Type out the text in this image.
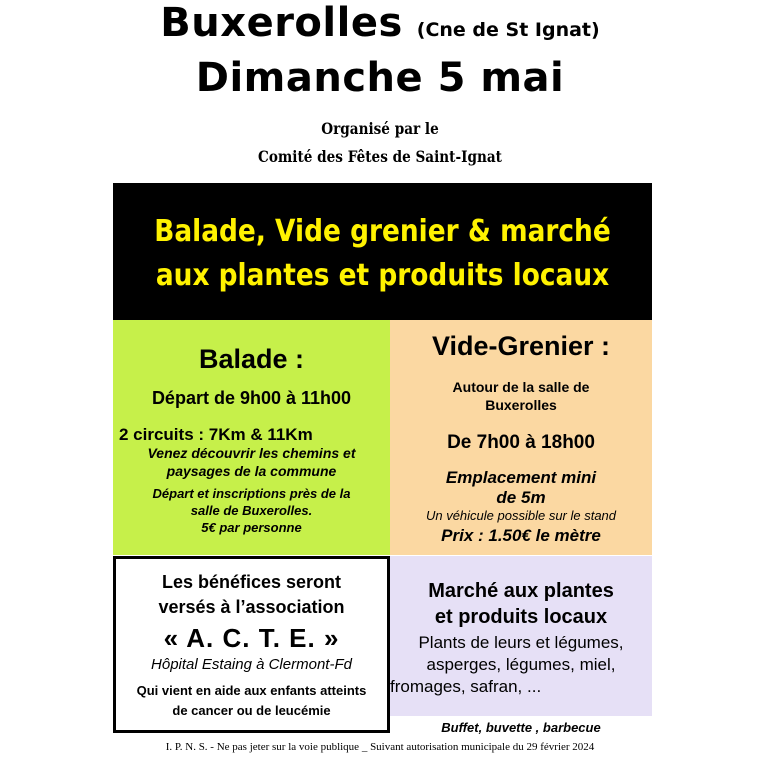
Buxerolles (Cne de St Ignat)
Dimanche 5 mai
Organisé par le
Comité des Fêtes de Saint-Ignat
Balade, Vide grenier & marché
aux plantes et produits locaux
Balade :
Départ de 9h00 à 11h00
2 circuits : 7Km & 11Km
Venez découvrir les chemins et
paysages de la commune
Départ et inscriptions près de la
salle de Buxerolles.
5€ par personne
Vide-Grenier :
Autour de la salle de
Buxerolles
De 7h00 à 18h00
Emplacement mini
de 5m
Un véhicule possible sur le stand
Prix : 1.50€ le mètre
Les bénéfices seront
versés à l’association
« A. C. T. E. »
Hôpital Estaing à Clermont-Fd
Qui vient en aide aux enfants atteints
de cancer ou de leucémie
Marché aux plantes
et produits locaux
Plants de leurs et légumes,
asperges, légumes, miel,
fromages, safran, ...
Buffet, buvette , barbecue
I. P. N. S. - Ne pas jeter sur la voie publique _ Suivant autorisation municipale du 29 février 2024
